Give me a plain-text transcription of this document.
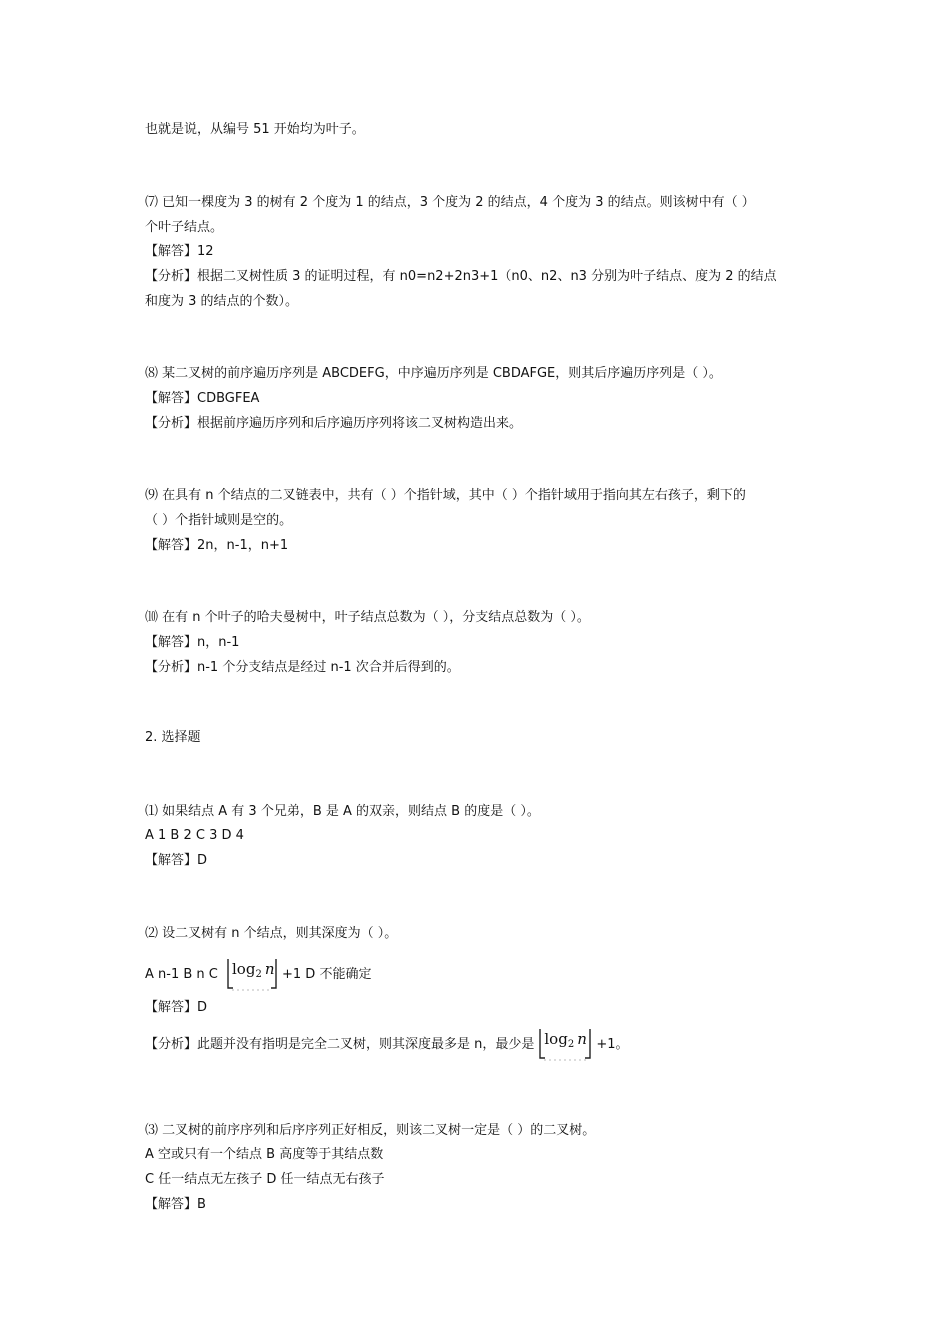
也就是说，从编号 51 开始均为叶子。
⑺ 已知一棵度为 3 的树有 2 个度为 1 的结点，3 个度为 2 的结点，4 个度为 3 的结点。则该树中有（ ）
个叶子结点。
【解答】12
【分析】根据二叉树性质 3 的证明过程，有 n0=n2+2n3+1（n0、n2、n3 分别为叶子结点、度为 2 的结点
和度为 3 的结点的个数）。
⑻ 某二叉树的前序遍历序列是 ABCDEFG，中序遍历序列是 CBDAFGE，则其后序遍历序列是（ ）。
【解答】CDBGFEA
【分析】根据前序遍历序列和后序遍历序列将该二叉树构造出来。
⑼ 在具有 n 个结点的二叉链表中，共有（ ）个指针域，其中（ ）个指针域用于指向其左右孩子，剩下的
（ ）个指针域则是空的。
【解答】2n，n-1，n+1
⑽ 在有 n 个叶子的哈夫曼树中，叶子结点总数为（ ），分支结点总数为（ ）。
【解答】n，n-1
【分析】n-1 个分支结点是经过 n-1 次合并后得到的。
2. 选择题
⑴ 如果结点 A 有 3 个兄弟，B 是 A 的双亲，则结点 B 的度是（ ）。
A 1 B 2 C 3 D 4
【解答】D
⑵ 设二叉树有 n 个结点，则其深度为（ ）。
A n-1 B n C $\log_2 n +1$ D 不能确定
【解答】D
【分析】此题并没有指明是完全二叉树，则其深度最多是 n，最少是 $\log_2 n +1$。
⑶ 二叉树的前序序列和后序序列正好相反，则该二叉树一定是（ ）的二叉树。
A 空或只有一个结点 B 高度等于其结点数
C 任一结点无左孩子 D 任一结点无右孩子
【解答】B
